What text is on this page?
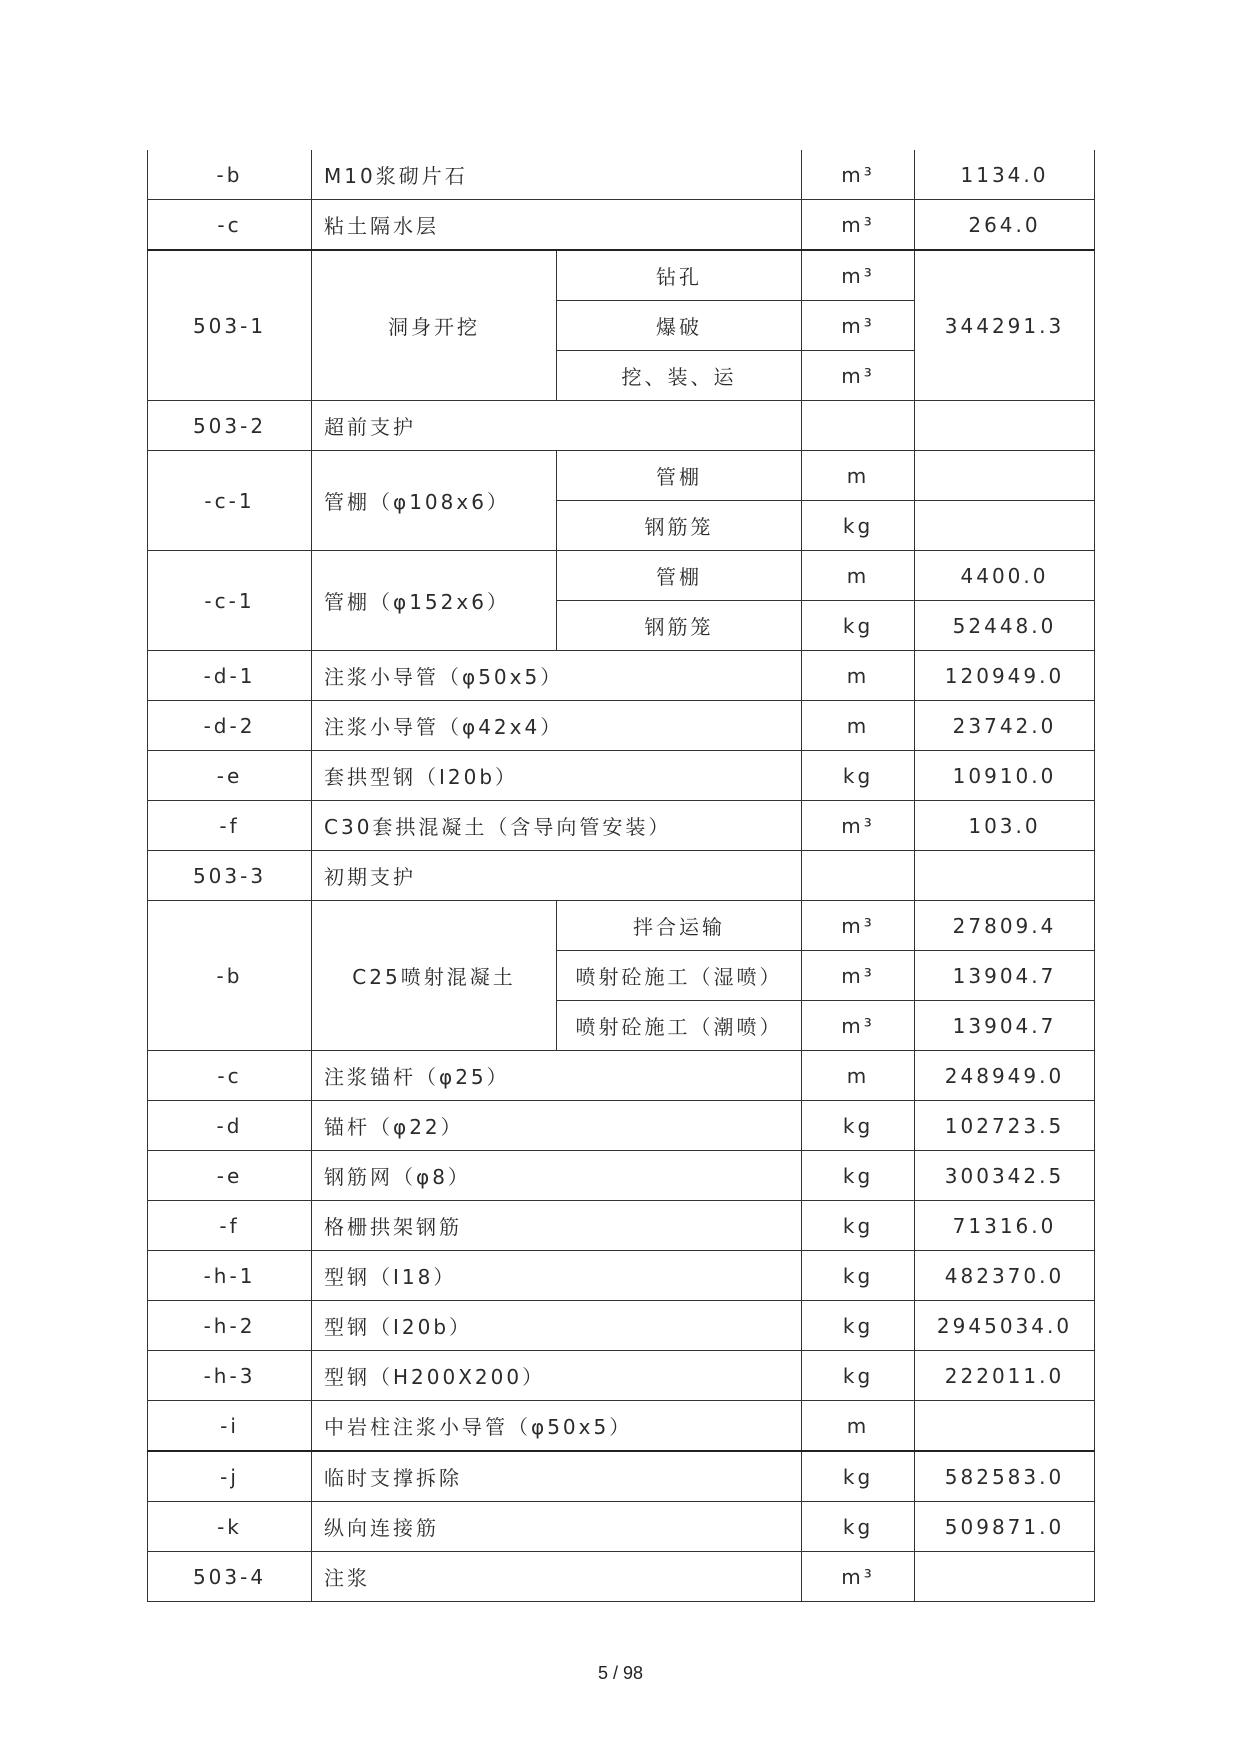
-b	M10浆砌片石		m³	1134.0
-c	粘土隔水层		m³	264.0
503-1	洞身开挖	钻孔	m³	344291.3
		爆破	m³	
		挖、装、运	m³	
503-2	超前支护			
-c-1	管棚（φ108x6）	管棚	m	
		钢筋笼	kg	
-c-1	管棚（φ152x6）	管棚	m	4400.0
		钢筋笼	kg	52448.0
-d-1	注浆小导管（φ50x5）		m	120949.0
-d-2	注浆小导管（φ42x4）		m	23742.0
-e	套拱型钢（I20b）		kg	10910.0
-f	C30套拱混凝土（含导向管安装）		m³	103.0
503-3	初期支护			
-b	C25喷射混凝土	拌合运输	m³	27809.4
		喷射砼施工（湿喷）	m³	13904.7
		喷射砼施工（潮喷）	m³	13904.7
-c	注浆锚杆（φ25）		m	248949.0
-d	锚杆（φ22）		kg	102723.5
-e	钢筋网（φ8）		kg	300342.5
-f	格栅拱架钢筋		kg	71316.0
-h-1	型钢（I18）		kg	482370.0
-h-2	型钢（I20b）		kg	2945034.0
-h-3	型钢（H200X200）		kg	222011.0
-i	中岩柱注浆小导管（φ50x5）		m	
-j	临时支撑拆除		kg	582583.0
-k	纵向连接筋		kg	509871.0
503-4	注浆		m³	
5 / 98
